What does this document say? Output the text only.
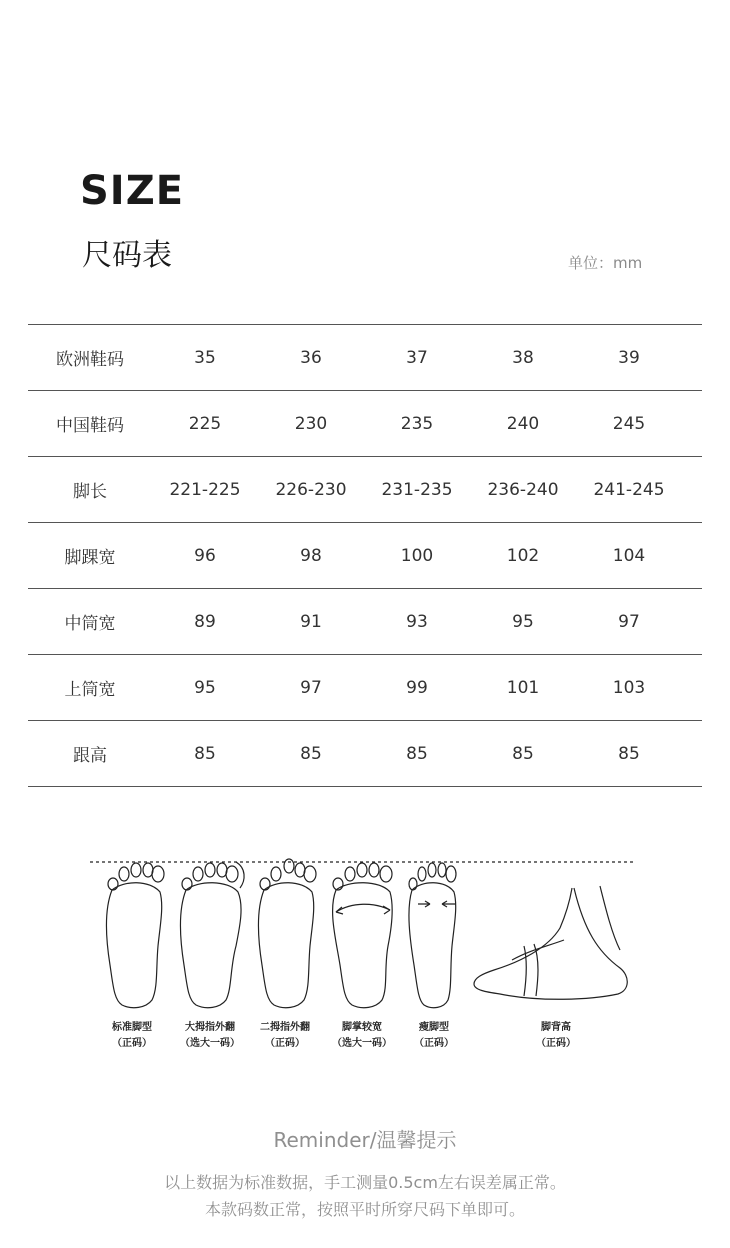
SIZE
尺码表	单位：mm
欧洲鞋码	35	36	37	38	39
中国鞋码	225	230	235	240	245
脚长	221-225	226-230	231-235	236-240	241-245
脚踝宽	96	98	100	102	104
中筒宽	89	91	93	95	97
上筒宽	95	97	99	101	103
跟高	85	85	85	85	85
标准脚型
（正码）
大拇指外翻
（选大一码）
二拇指外翻
（正码）
脚掌较宽
（选大一码）
瘦脚型
（正码）
脚背高
（正码）
Reminder/温馨提示
以上数据为标准数据，手工测量0.5cm左右误差属正常。
本款码数正常，按照平时所穿尺码下单即可。
